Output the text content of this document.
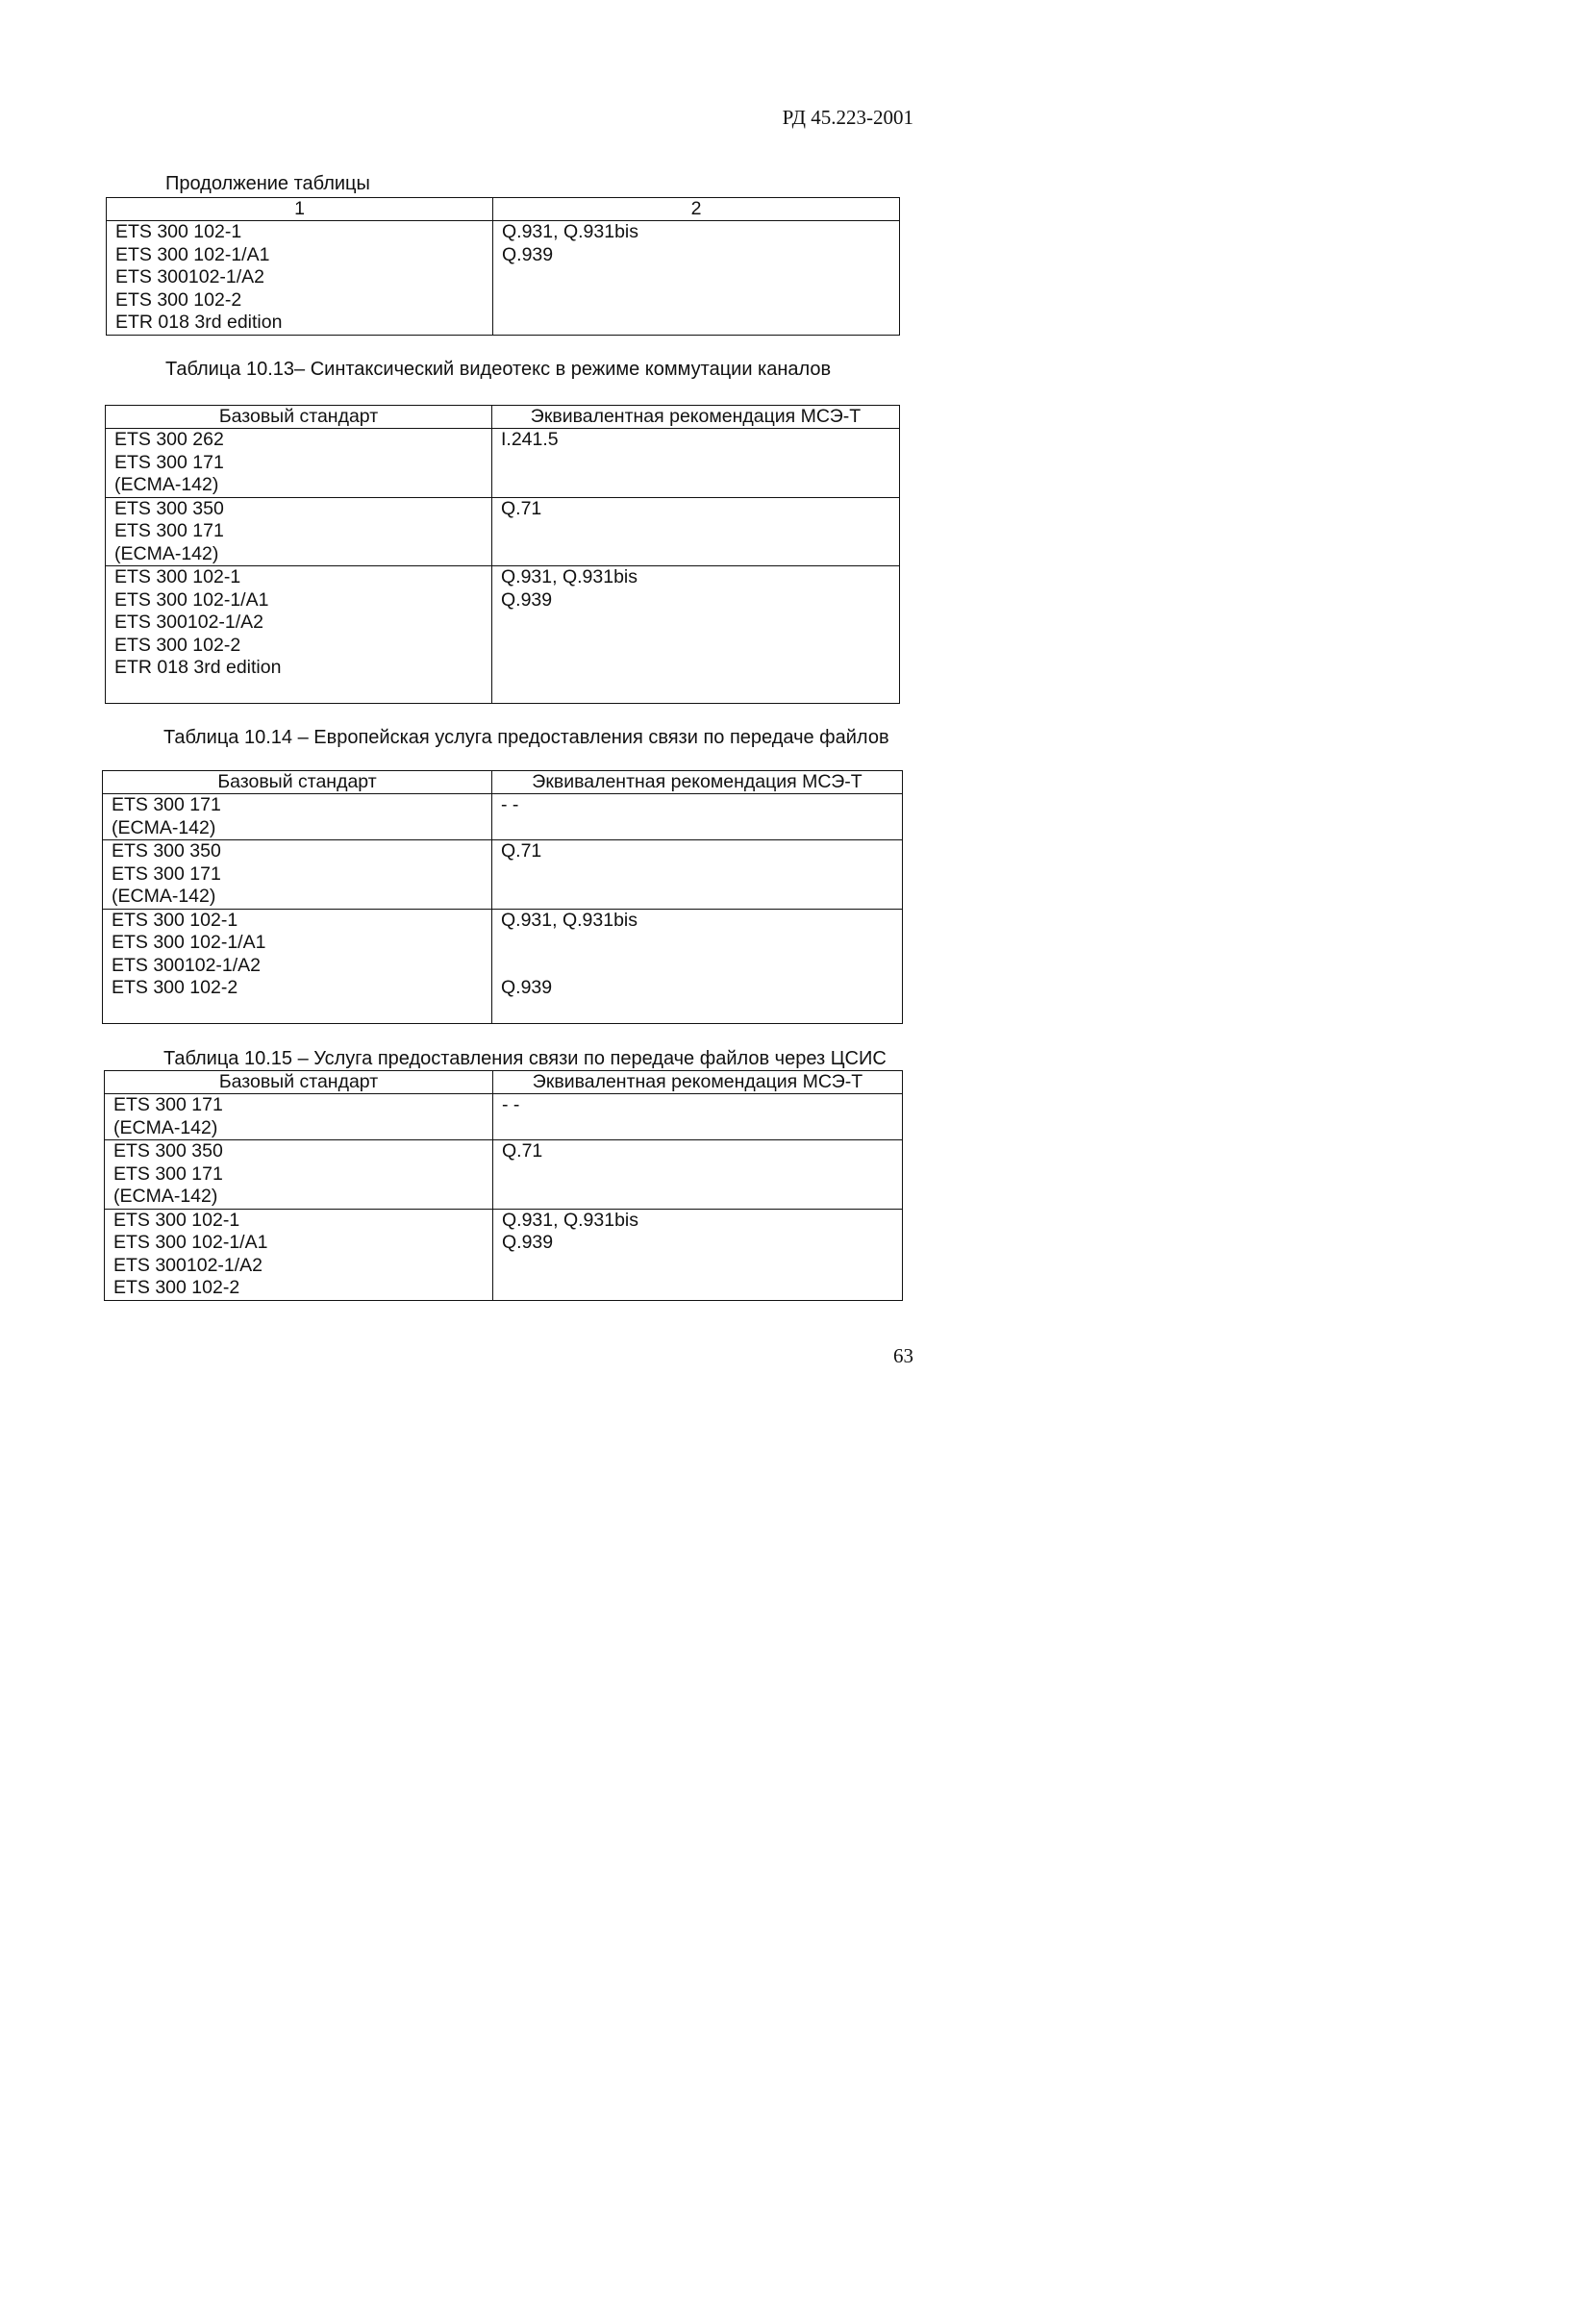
РД 45.223-2001
Продолжение таблицы
1	2

ETS 300 102-1
ETS 300 102-1/A1
ETS 300102-1/A2
ETS 300 102-2
ETR 018 3rd edition	Q.931, Q.931bis
Q.939
Таблица 10.13– Синтаксический видеотекс в режиме коммутации каналов
Базовый стандарт	Эквивалентная рекомендация МСЭ-Т

ETS 300 262
ETS 300 171
(ECMA-142)	I.241.5

ETS 300 350
ETS 300 171
(ECMA-142)	Q.71

ETS 300 102-1
ETS 300 102-1/A1
ETS 300102-1/A2
ETS 300 102-2
ETR 018 3rd edition	Q.931, Q.931bis
Q.939
Таблица 10.14 – Европейская услуга предоставления связи по передаче файлов
Базовый стандарт	Эквивалентная рекомендация МСЭ-Т

ETS 300 171
(ECMA-142)	- -

ETS 300 350
ETS 300 171
(ECMA-142)	Q.71

ETS 300 102-1
ETS 300 102-1/A1
ETS 300102-1/A2
ETS 300 102-2	Q.931, Q.931bis

Q.939
Таблица 10.15 – Услуга предоставления связи по передаче файлов через ЦСИС
Базовый стандарт	Эквивалентная рекомендация МСЭ-Т

ETS 300 171
(ECMA-142)	- -

ETS 300 350
ETS 300 171
(ECMA-142)	Q.71

ETS 300 102-1
ETS 300 102-1/A1
ETS 300102-1/A2
ETS 300 102-2	Q.931, Q.931bis
Q.939
63
